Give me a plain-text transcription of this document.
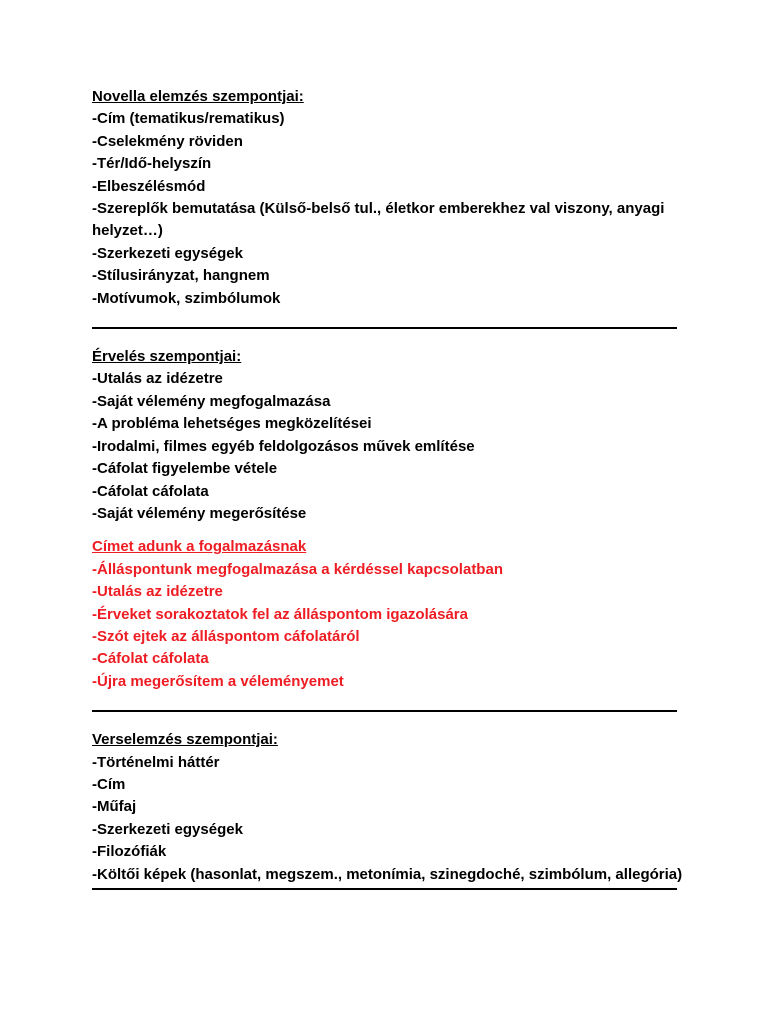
Novella elemzés szempontjai:
-Cím (tematikus/rematikus)
-Cselekmény röviden
-Tér/Idő-helyszín
-Elbeszélésmód
-Szereplők bemutatása (Külső-belső tul., életkor emberekhez val viszony, anyagi helyzet…)
-Szerkezeti egységek
-Stílusirányzat, hangnem
-Motívumok, szimbólumok
Érvelés szempontjai:
-Utalás az idézetre
-Saját vélemény megfogalmazása
-A probléma lehetséges megközelítései
-Irodalmi, filmes egyéb feldolgozásos művek említése
-Cáfolat figyelembe vétele
-Cáfolat cáfolata
-Saját vélemény megerősítése
Címet adunk a fogalmazásnak
-Álláspontunk megfogalmazása a kérdéssel kapcsolatban
-Utalás az idézetre
-Érveket sorakoztatok fel az álláspontom igazolására
-Szót ejtek az álláspontom cáfolatáról
-Cáfolat cáfolata
-Újra megerősítem a véleményemet
Verselemzés szempontjai:
-Történelmi háttér
-Cím
-Műfaj
-Szerkezeti egységek
-Filozófiák
-Költői képek (hasonlat, megszem., metonímia, szinegdoché, szimbólum, allegória)
